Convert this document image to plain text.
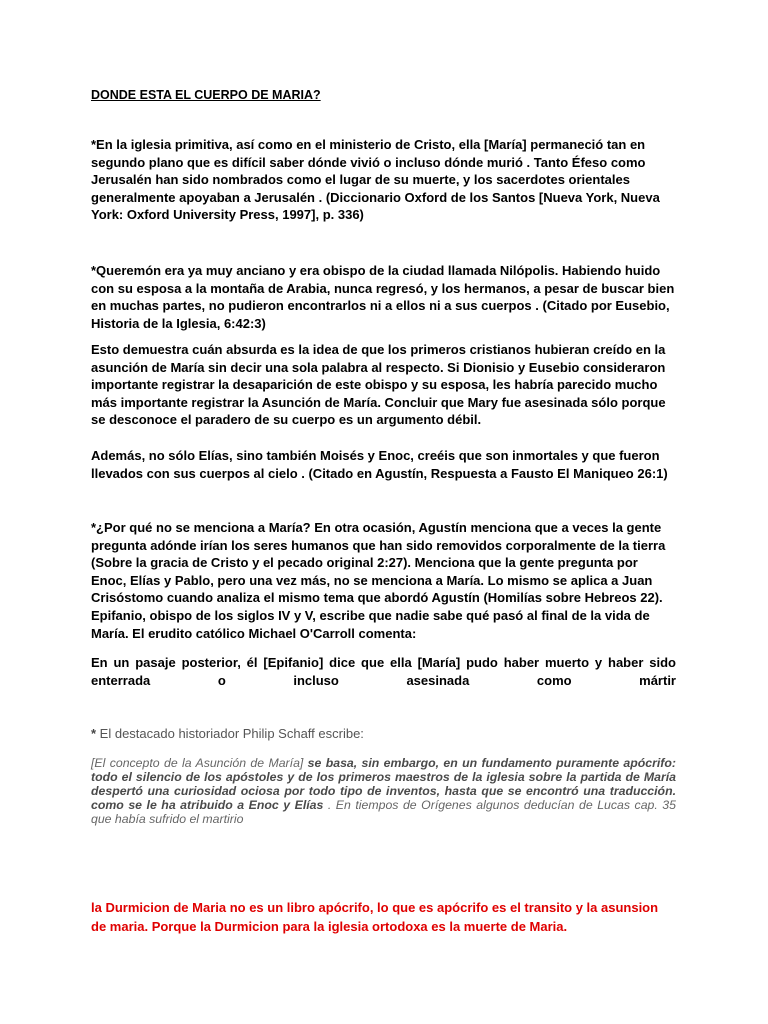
DONDE ESTA EL CUERPO DE MARIA?
*En la iglesia primitiva, así como en el ministerio de Cristo, ella [María] permaneció tan en segundo plano que es difícil saber dónde vivió o incluso dónde murió . Tanto Éfeso como Jerusalén han sido nombrados como el lugar de su muerte, y los sacerdotes orientales generalmente apoyaban a Jerusalén . (Diccionario Oxford de los Santos [Nueva York, Nueva York: Oxford University Press, 1997], p. 336)
*Queremón era ya muy anciano y era obispo de la ciudad llamada Nilópolis. Habiendo huido con su esposa a la montaña de Arabia, nunca regresó, y los hermanos, a pesar de buscar bien en muchas partes, no pudieron encontrarlos ni a ellos ni a sus cuerpos . (Citado por Eusebio, Historia de la Iglesia, 6:42:3)
Esto demuestra cuán absurda es la idea de que los primeros cristianos hubieran creído en la asunción de María sin decir una sola palabra al respecto. Si Dionisio y Eusebio consideraron importante registrar la desaparición de este obispo y su esposa, les habría parecido mucho más importante registrar la Asunción de María. Concluir que Mary fue asesinada sólo porque se desconoce el paradero de su cuerpo es un argumento débil.
Además, no sólo Elías, sino también Moisés y Enoc, creéis que son inmortales y que fueron llevados con sus cuerpos al cielo . (Citado en Agustín, Respuesta a Fausto El Maniqueo 26:1)
*¿Por qué no se menciona a María? En otra ocasión, Agustín menciona que a veces la gente pregunta adónde irían los seres humanos que han sido removidos corporalmente de la tierra (Sobre la gracia de Cristo y el pecado original 2:27). Menciona que la gente pregunta por Enoc, Elías y Pablo, pero una vez más, no se menciona a María. Lo mismo se aplica a Juan Crisóstomo cuando analiza el mismo tema que abordó Agustín (Homilías sobre Hebreos 22). Epifanio, obispo de los siglos IV y V, escribe que nadie sabe qué pasó al final de la vida de María. El erudito católico Michael O'Carroll comenta:
En un pasaje posterior, él [Epifanio] dice que ella [María] pudo haber muerto y haber sido enterrada o incluso asesinada como mártir
* El destacado historiador Philip Schaff escribe:
[El concepto de la Asunción de María] se basa, sin embargo, en un fundamento puramente apócrifo: todo el silencio de los apóstoles y de los primeros maestros de la iglesia sobre la partida de María despertó una curiosidad ociosa por todo tipo de inventos, hasta que se encontró una traducción. como se le ha atribuido a Enoc y Elías . En tiempos de Orígenes algunos deducían de Lucas cap. 35 que había sufrido el martirio
la Durmicion de Maria no es un libro apócrifo, lo que es apócrifo es el transito y la asunsion de maria. Porque la Durmicion para la iglesia ortodoxa es la muerte de Maria.
